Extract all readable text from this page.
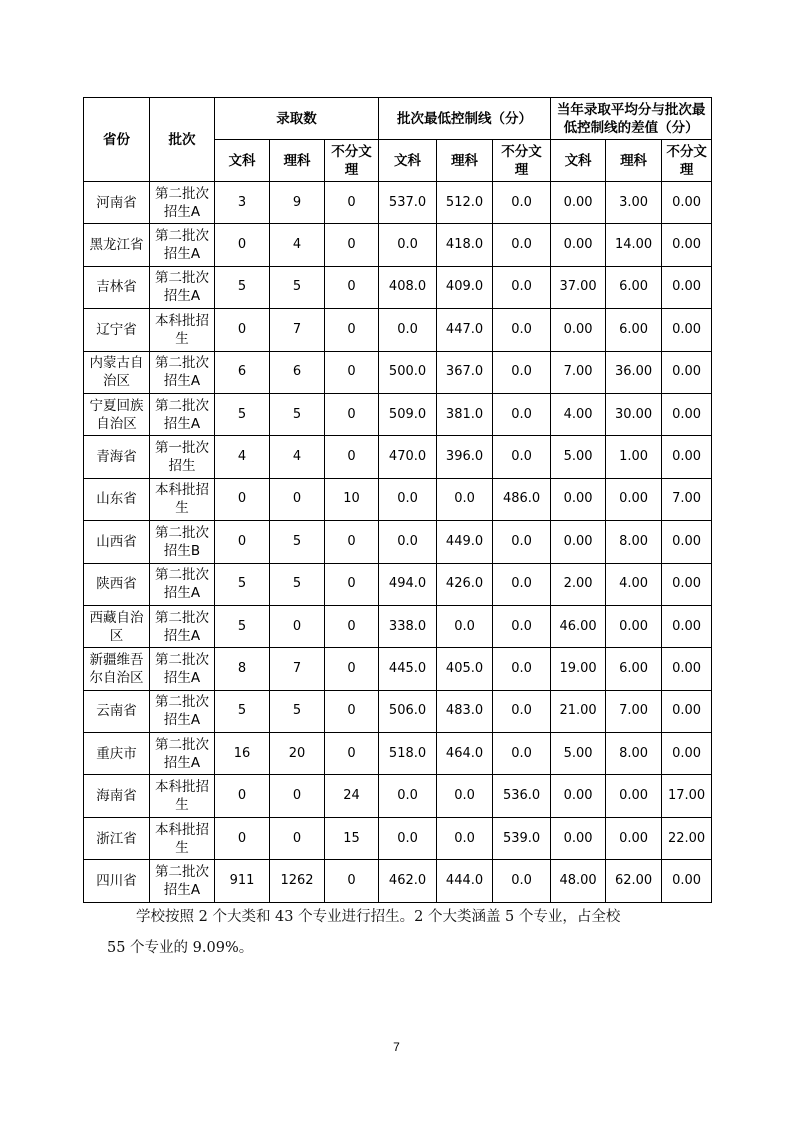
省份	批次	录取数			批次最低控制线（分）			当年录取平均分与批次最低控制线的差值（分）		
		文科	理科	不分文理	文科	理科	不分文理	文科	理科	不分文理
河南省	第二批次招生A	3	9	0	537.0	512.0	0.0	0.00	3.00	0.00
黑龙江省	第二批次招生A	0	4	0	0.0	418.0	0.0	0.00	14.00	0.00
吉林省	第二批次招生A	5	5	0	408.0	409.0	0.0	37.00	6.00	0.00
辽宁省	本科批招生	0	7	0	0.0	447.0	0.0	0.00	6.00	0.00
内蒙古自治区	第二批次招生A	6	6	0	500.0	367.0	0.0	7.00	36.00	0.00
宁夏回族自治区	第二批次招生A	5	5	0	509.0	381.0	0.0	4.00	30.00	0.00
青海省	第一批次招生	4	4	0	470.0	396.0	0.0	5.00	1.00	0.00
山东省	本科批招生	0	0	10	0.0	0.0	486.0	0.00	0.00	7.00
山西省	第二批次招生B	0	5	0	0.0	449.0	0.0	0.00	8.00	0.00
陕西省	第二批次招生A	5	5	0	494.0	426.0	0.0	2.00	4.00	0.00
西藏自治区	第二批次招生A	5	0	0	338.0	0.0	0.0	46.00	0.00	0.00
新疆维吾尔自治区	第二批次招生A	8	7	0	445.0	405.0	0.0	19.00	6.00	0.00
云南省	第二批次招生A	5	5	0	506.0	483.0	0.0	21.00	7.00	0.00
重庆市	第二批次招生A	16	20	0	518.0	464.0	0.0	5.00	8.00	0.00
海南省	本科批招生	0	0	24	0.0	0.0	536.0	0.00	0.00	17.00
浙江省	本科批招生	0	0	15	0.0	0.0	539.0	0.00	0.00	22.00
四川省	第二批次招生A	911	1262	0	462.0	444.0	0.0	48.00	62.00	0.00
学校按照 2 个大类和 43 个专业进行招生。2 个大类涵盖 5 个专业，占全校
55 个专业的 9.09%。
7
